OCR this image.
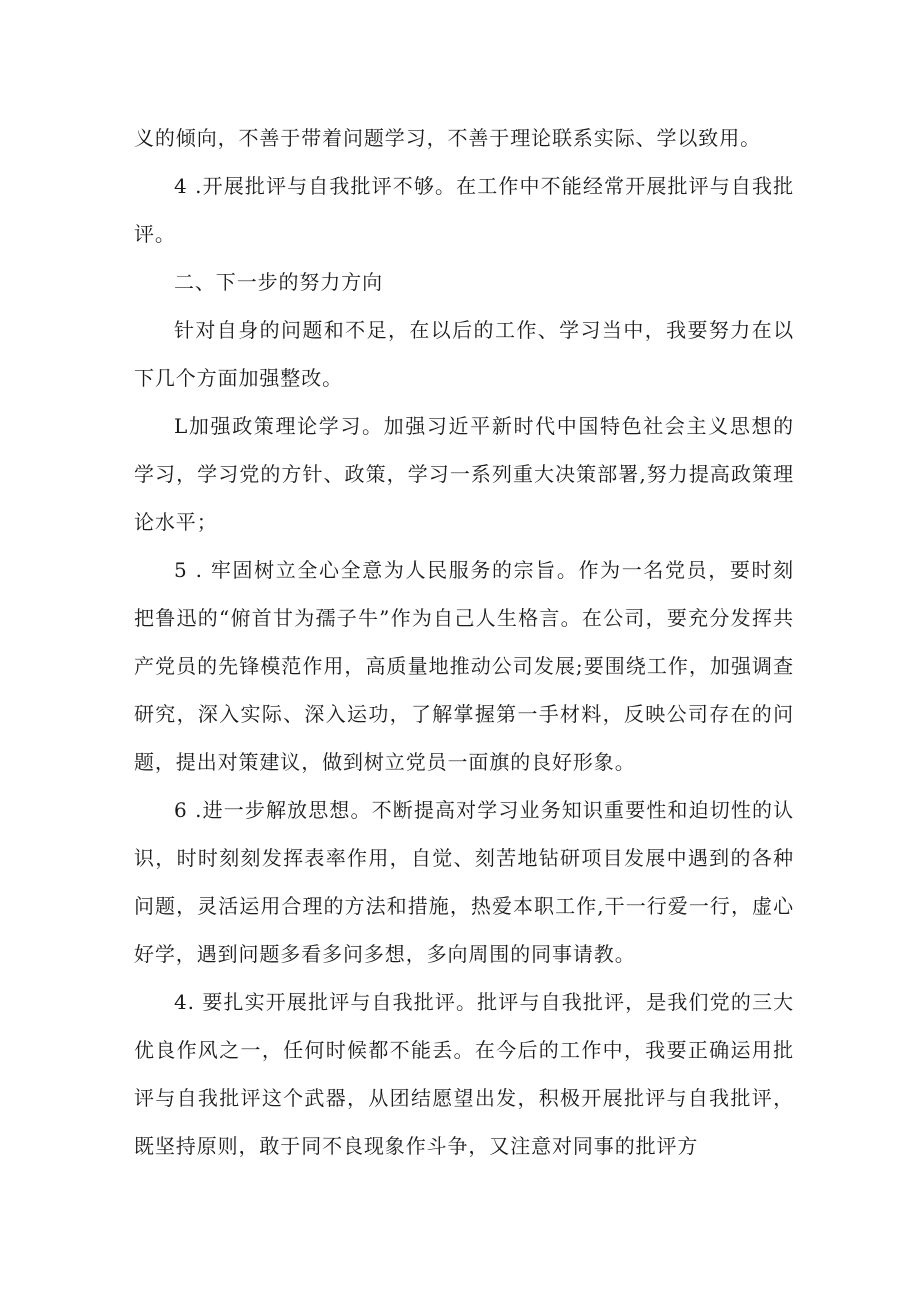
义的倾向，不善于带着问题学习，不善于理论联系实际、学以致用。

4 .开展批评与自我批评不够。在工作中不能经常开展批评与自我批评。

二、下一步的努力方向

针对自身的问题和不足，在以后的工作、学习当中，我要努力在以下几个方面加强整改。

L加强政策理论学习。加强习近平新时代中国特色社会主义思想的学习，学习党的方针、政策，学习一系列重大决策部署,努力提高政策理论水平；

5 . 牢固树立全心全意为人民服务的宗旨。作为一名党员，要时刻把鲁迅的“俯首甘为孺子牛”作为自己人生格言。在公司，要充分发挥共产党员的先锋模范作用，高质量地推动公司发展;要围绕工作，加强调查研究，深入实际、深入运功，了解掌握第一手材料，反映公司存在的问题，提出对策建议，做到树立党员一面旗的良好形象。

6 .进一步解放思想。不断提高对学习业务知识重要性和迫切性的认识，时时刻刻发挥表率作用，自觉、刻苦地钻研项目发展中遇到的各种问题，灵活运用合理的方法和措施，热爱本职工作,干一行爱一行，虚心好学，遇到问题多看多问多想，多向周围的同事请教。

4. 要扎实开展批评与自我批评。批评与自我批评，是我们党的三大优良作风之一，任何时候都不能丢。在今后的工作中，我要正确运用批评与自我批评这个武器，从团结愿望出发，积极开展批评与自我批评，既坚持原则，敢于同不良现象作斗争，又注意对同事的批评方
